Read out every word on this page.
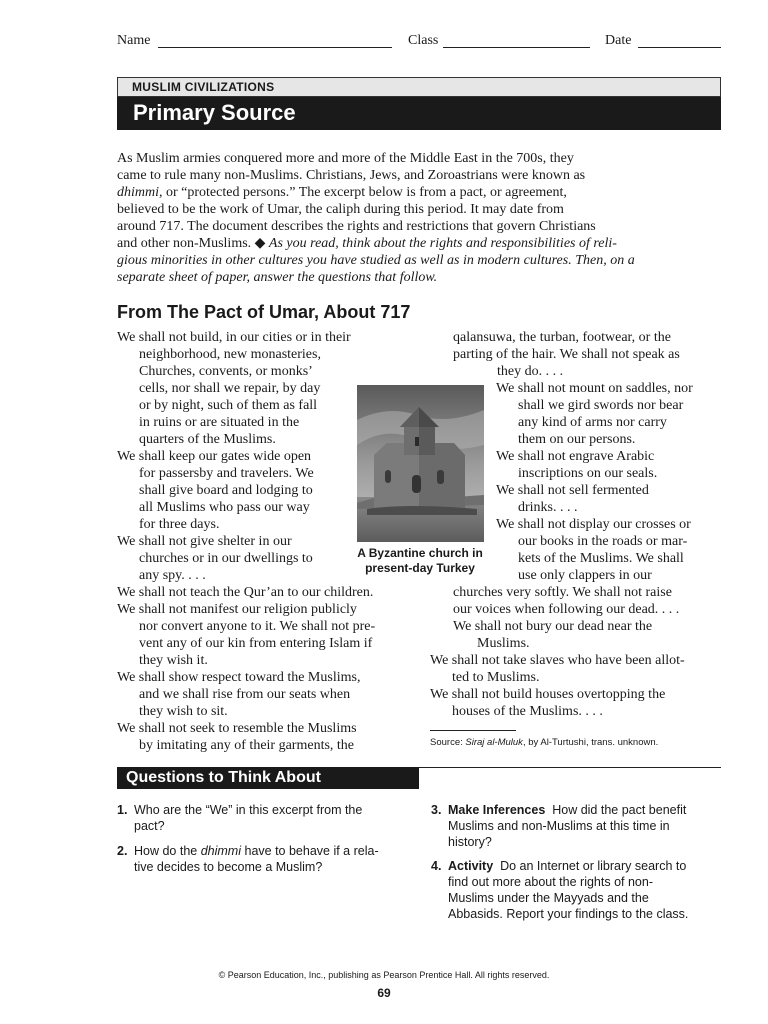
Name	Class	Date
MUSLIM CIVILIZATIONS
Primary Source
As Muslim armies conquered more and more of the Middle East in the 700s, they
came to rule many non-Muslims. Christians, Jews, and Zoroastrians were known as
dhimmi, or “protected persons.” The excerpt below is from a pact, or agreement,
believed to be the work of Umar, the caliph during this period. It may date from
around 717. The document describes the rights and restrictions that govern Christians
and other non-Muslims. ◆ As you read, think about the rights and responsibilities of reli-
gious minorities in other cultures you have studied as well as in modern cultures. Then, on a
separate sheet of paper, answer the questions that follow.
From The Pact of Umar, About 717

We shall not build, in our cities or in their

neighborhood, new monasteries,

Churches, convents, or monks’

cells, nor shall we repair, by day

or by night, such of them as fall

in ruins or are situated in the

quarters of the Muslims.

We shall keep our gates wide open

for passersby and travelers. We

shall give board and lodging to

all Muslims who pass our way

for three days.

We shall not give shelter in our

churches or in our dwellings to

any spy. . . .

We shall not teach the Qur’an to our children.

We shall not manifest our religion publicly

nor convert anyone to it. We shall not pre-

vent any of our kin from entering Islam if

they wish it.

We shall show respect toward the Muslims,

and we shall rise from our seats when

they wish to sit.

We shall not seek to resemble the Muslims

by imitating any of their garments, the

qalansuwa, the turban, footwear, or the
parting of the hair. We shall not speak as
they do. . . .

We shall not mount on saddles, nor

shall we gird swords nor bear

any kind of arms nor carry

them on our persons.

We shall not engrave Arabic

inscriptions on our seals.

We shall not sell fermented

drinks. . . .

We shall not display our crosses or

our books in the roads or mar-

kets of the Muslims. We shall

use only clappers in our

churches very softly. We shall not raise
our voices when following our dead. . . .
We shall not bury our dead near the
Muslims.

We shall not take slaves who have been allot-

ted to Muslims.

We shall not build houses overtopping the

houses of the Muslims. . . .

A Byzantine church in
present-day Turkey
Source: Siraj al-Muluk, by Al-Turtushi, trans. unknown.
Questions to Think About
1. Who are the “We” in this excerpt from the
pact?
2. How do the dhimmi have to behave if a rela-
tive decides to become a Muslim?
3. Make Inferences  How did the pact benefit
Muslims and non-Muslims at this time in
history?
4. Activity  Do an Internet or library search to
find out more about the rights of non-
Muslims under the Mayyads and the
Abbasids. Report your findings to the class.
© Pearson Education, Inc., publishing as Pearson Prentice Hall. All rights reserved.
69
